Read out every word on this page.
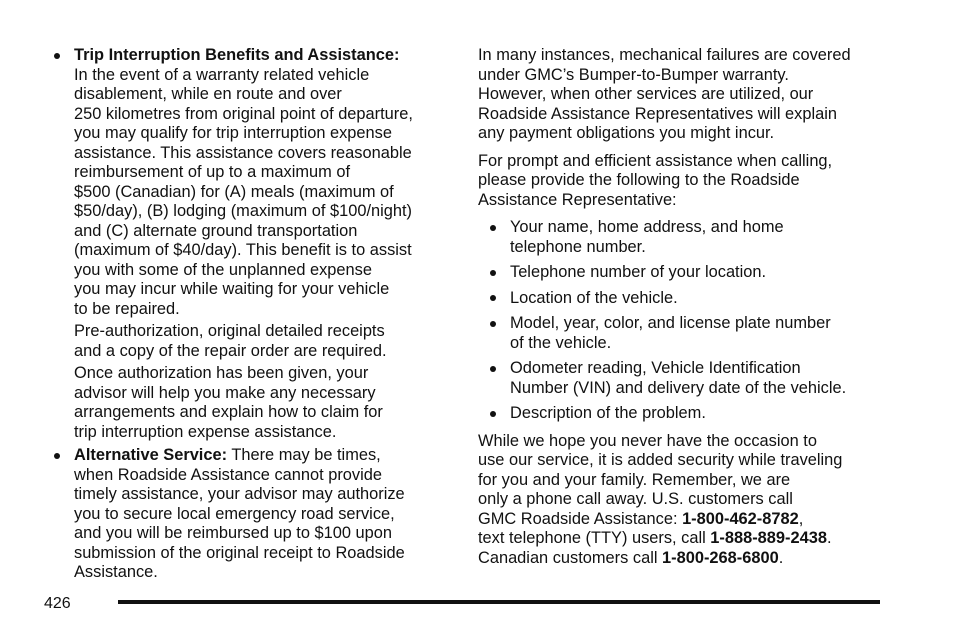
Trip Interruption Benefits and Assistance:
In the event of a warranty related vehicle
disablement, while en route and over
250 kilometres from original point of departure,
you may qualify for trip interruption expense
assistance. This assistance covers reasonable
reimbursement of up to a maximum of
$500 (Canadian) for (A) meals (maximum of
$50/day), (B) lodging (maximum of $100/night)
and (C) alternate ground transportation
(maximum of $40/day). This benefit is to assist
you with some of the unplanned expense
you may incur while waiting for your vehicle
to be repaired.
Pre-authorization, original detailed receipts
and a copy of the repair order are required.
Once authorization has been given, your
advisor will help you make any necessary
arrangements and explain how to claim for
trip interruption expense assistance.
Alternative Service: There may be times,
when Roadside Assistance cannot provide
timely assistance, your advisor may authorize
you to secure local emergency road service,
and you will be reimbursed up to $100 upon
submission of the original receipt to Roadside
Assistance.
In many instances, mechanical failures are covered
under GMC’s Bumper-to-Bumper warranty.
However, when other services are utilized, our
Roadside Assistance Representatives will explain
any payment obligations you might incur.
For prompt and efficient assistance when calling,
please provide the following to the Roadside
Assistance Representative:
Your name, home address, and home
telephone number.
Telephone number of your location.
Location of the vehicle.
Model, year, color, and license plate number
of the vehicle.
Odometer reading, Vehicle Identification
Number (VIN) and delivery date of the vehicle.
Description of the problem.
While we hope you never have the occasion to
use our service, it is added security while traveling
for you and your family. Remember, we are
only a phone call away. U.S. customers call
GMC Roadside Assistance: 1-800-462-8782,
text telephone (TTY) users, call 1-888-889-2438.
Canadian customers call 1-800-268-6800.
426
